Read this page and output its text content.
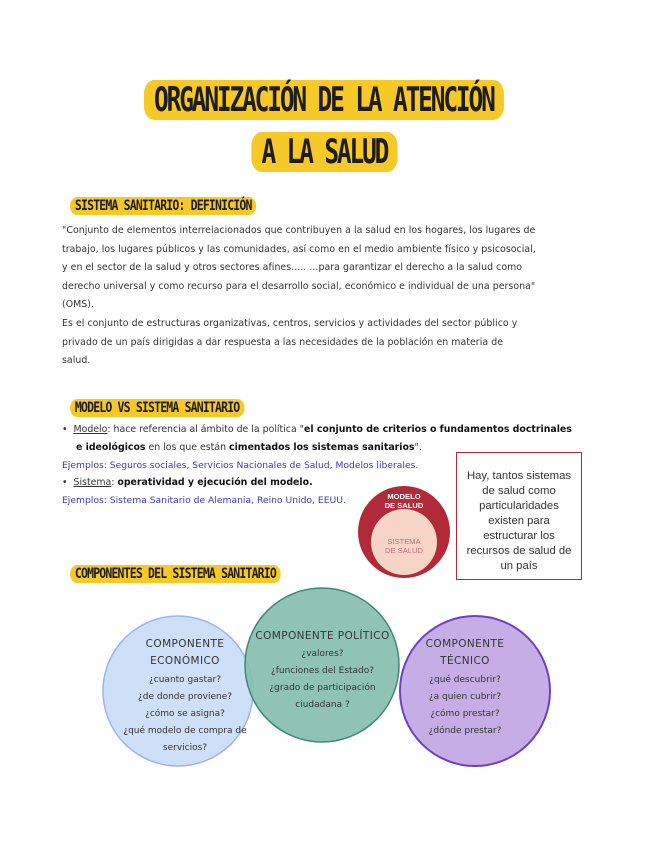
ORGANIZACIÓN DE LA ATENCIÓN
A LA SALUD
SISTEMA SANITARIO: DEFINICIÓN
"Conjunto de elementos interrelacionados que contribuyen a la salud en los hogares, los lugares de
trabajo, los lugares públicos y las comunidades, así como en el medio ambiente físico y psicosocial,
y en el sector de la salud y otros sectores afines..... ...para garantizar el derecho a la salud como
derecho universal y como recurso para el desarrollo social, económico e individual de una persona"
(OMS).
Es el conjunto de estructuras organizativas, centros, servicios y actividades del sector público y
privado de un país dirigidas a dar respuesta a las necesidades de la población en materia de
salud.
MODELO VS SISTEMA SANITARIO
•  Modelo: hace referencia al ámbito de la política "el conjunto de criterios o fundamentos doctrinales
e ideológicos en los que están cimentados los sistemas sanitarios".
Ejemplos: Seguros sociales, Servicios Nacionales de Salud, Modelos liberales.
•  Sistema: operatividad y ejecución del modelo.
Ejemplos: Sistema Sanitario de Alemania, Reino Unido, EEUU.	MODELO
DE SALUD
SISTEMA
DE SALUD
Hay, tantos sistemas de salud como particularidades existen para estructurar los recursos de salud de un país
COMPONENTES DEL SISTEMA SANITARIO
COMPONENTE ECONÓMICO
¿cuanto gastar?
¿de donde proviene?
¿cómo se asigna?
¿qué modelo de compra de
servicios?
COMPONENTE POLÍTICO
¿valores?
¿funciones del Estado?
¿grado de participación
ciudadana ?
COMPONENTE TÉCNICO
¿qué descubrir?
¿a quien cubrir?
¿cómo prestar?
¿dónde prestar?
